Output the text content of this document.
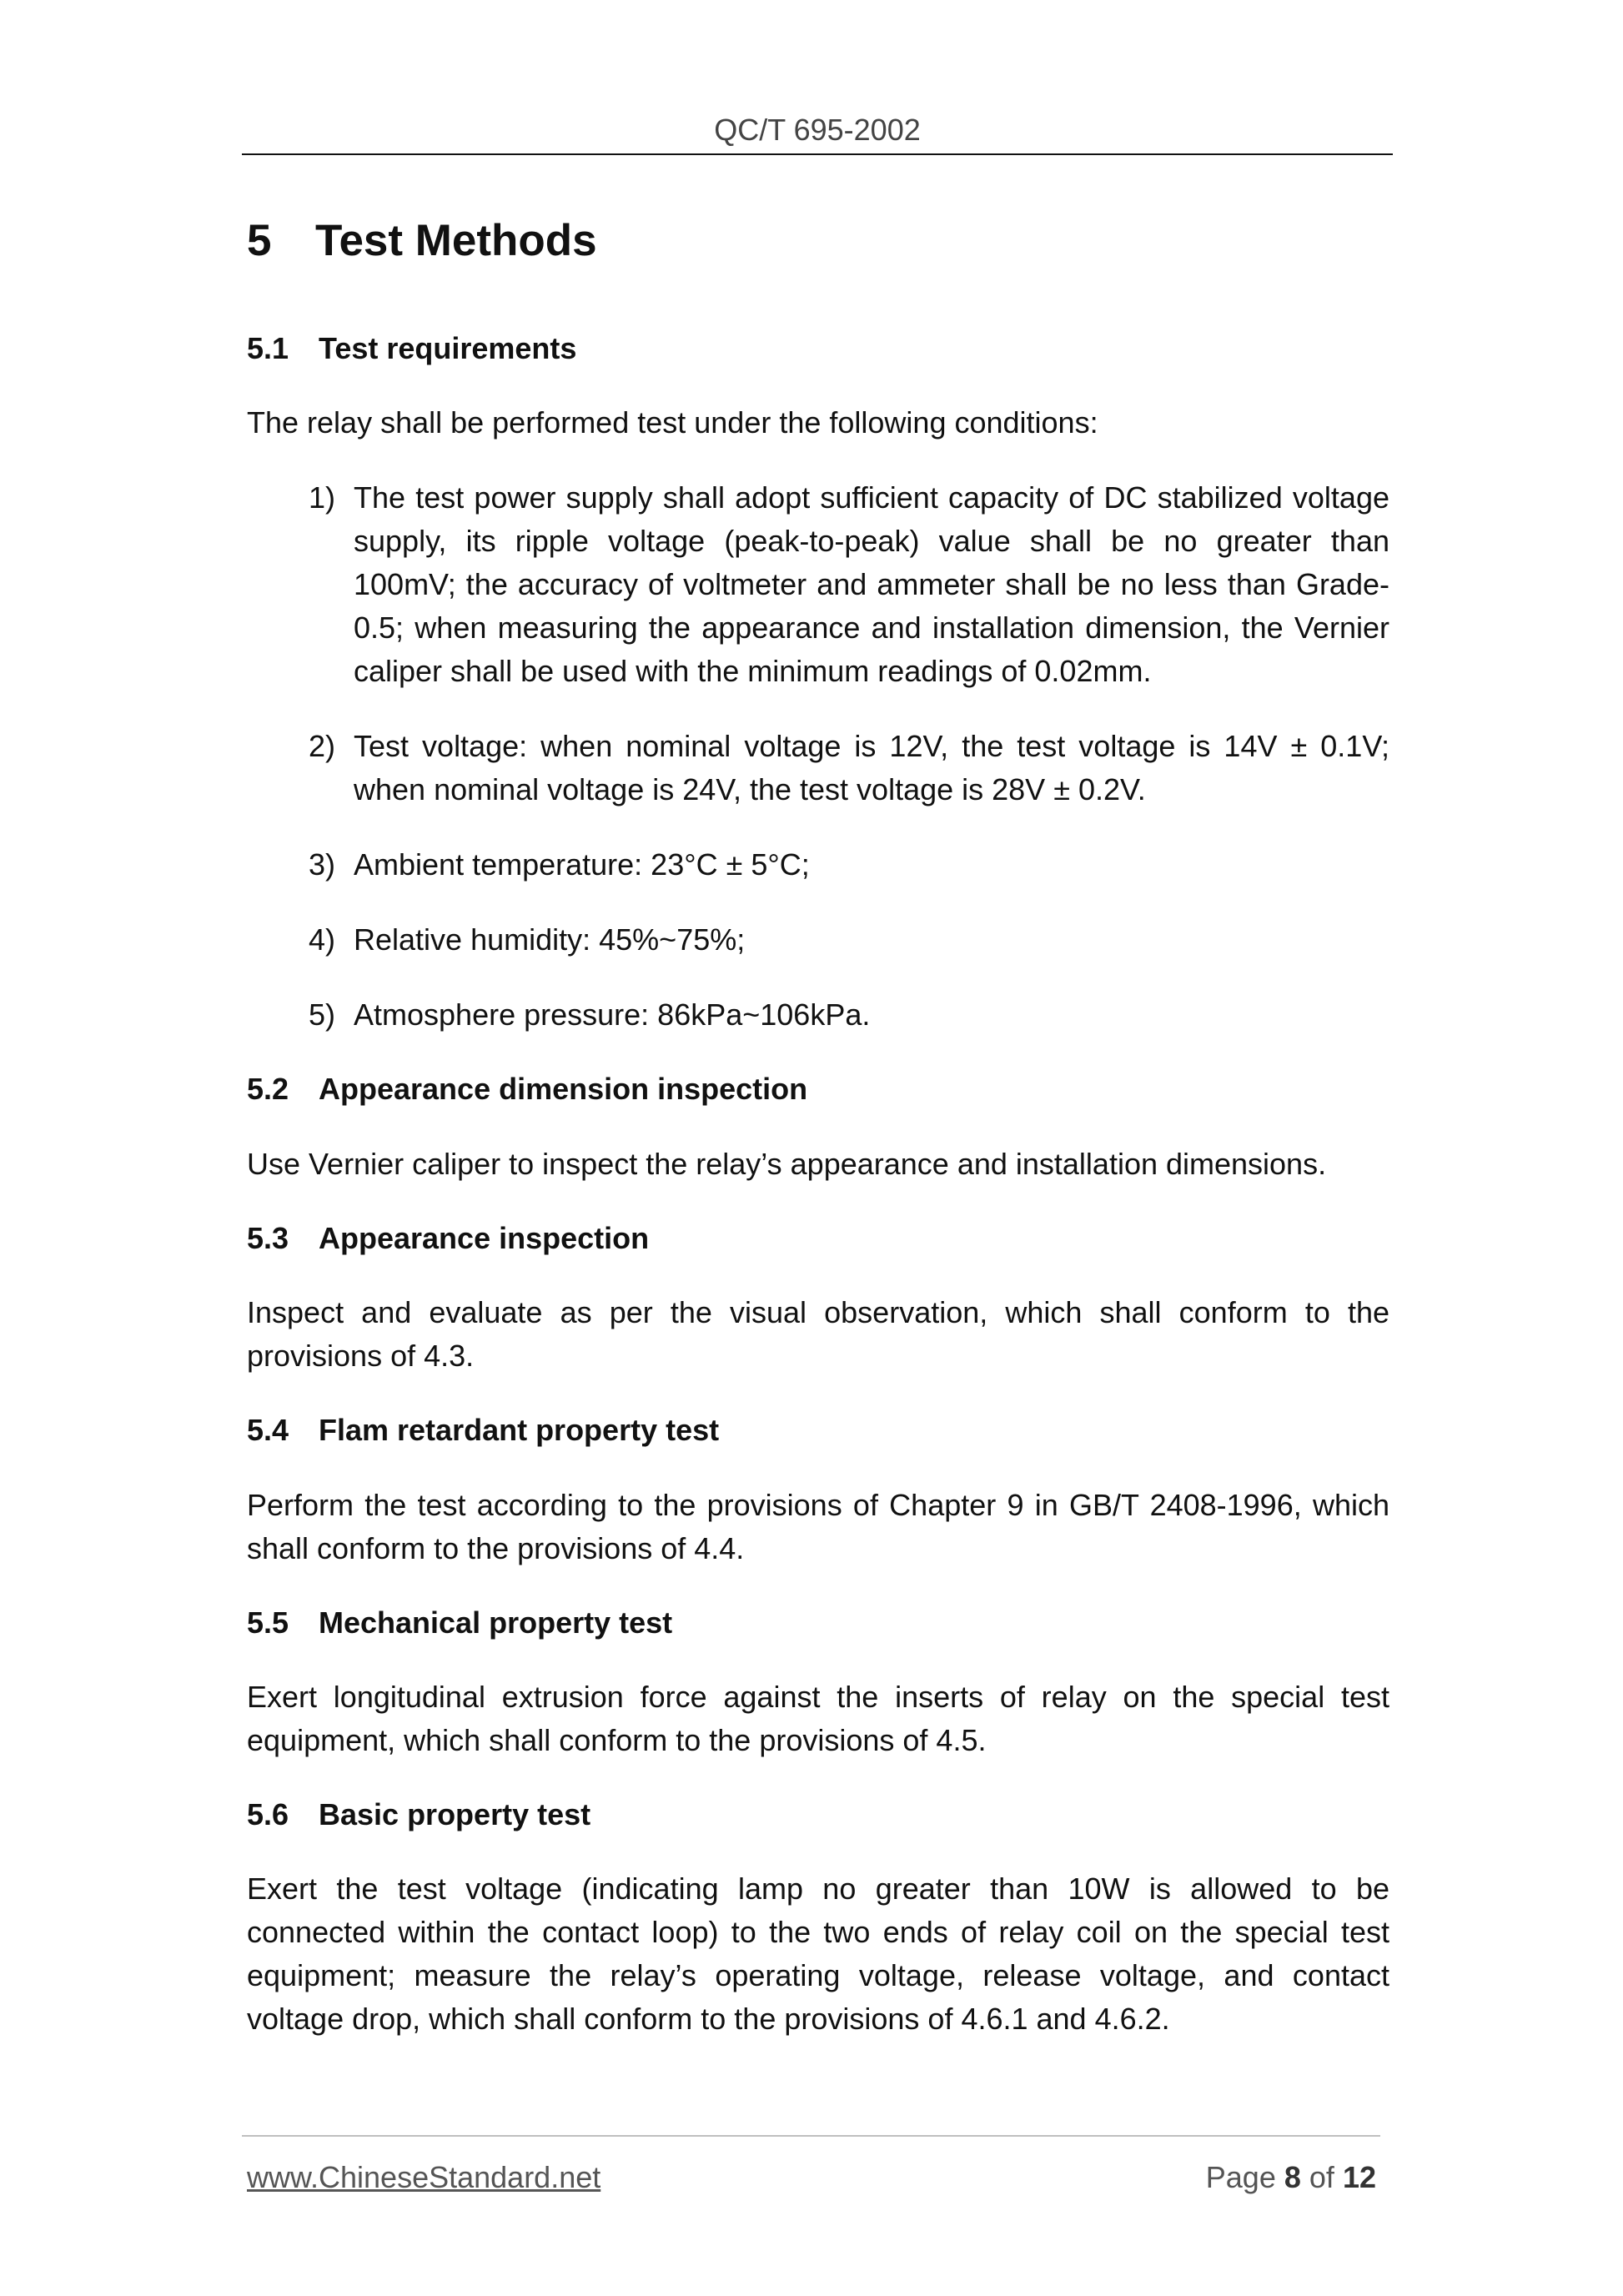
QC/T 695-2002
5 Test Methods
5.1 Test requirements
The relay shall be performed test under the following conditions:
1) The test power supply shall adopt sufficient capacity of DC stabilized voltage supply, its ripple voltage (peak-to-peak) value shall be no greater than 100mV; the accuracy of voltmeter and ammeter shall be no less than Grade-0.5; when measuring the appearance and installation dimension, the Vernier caliper shall be used with the minimum readings of 0.02mm.
2) Test voltage: when nominal voltage is 12V, the test voltage is 14V ± 0.1V; when nominal voltage is 24V, the test voltage is 28V ± 0.2V.
3) Ambient temperature: 23°C ± 5°C;
4) Relative humidity: 45%~75%;
5) Atmosphere pressure: 86kPa~106kPa.
5.2 Appearance dimension inspection
Use Vernier caliper to inspect the relay’s appearance and installation dimensions.
5.3 Appearance inspection
Inspect and evaluate as per the visual observation, which shall conform to the provisions of 4.3.
5.4 Flam retardant property test
Perform the test according to the provisions of Chapter 9 in GB/T 2408-1996, which shall conform to the provisions of 4.4.
5.5 Mechanical property test
Exert longitudinal extrusion force against the inserts of relay on the special test equipment, which shall conform to the provisions of 4.5.
5.6 Basic property test
Exert the test voltage (indicating lamp no greater than 10W is allowed to be connected within the contact loop) to the two ends of relay coil on the special test equipment; measure the relay’s operating voltage, release voltage, and contact voltage drop, which shall conform to the provisions of 4.6.1 and 4.6.2.
www.ChineseStandard.net	Page 8 of 12
